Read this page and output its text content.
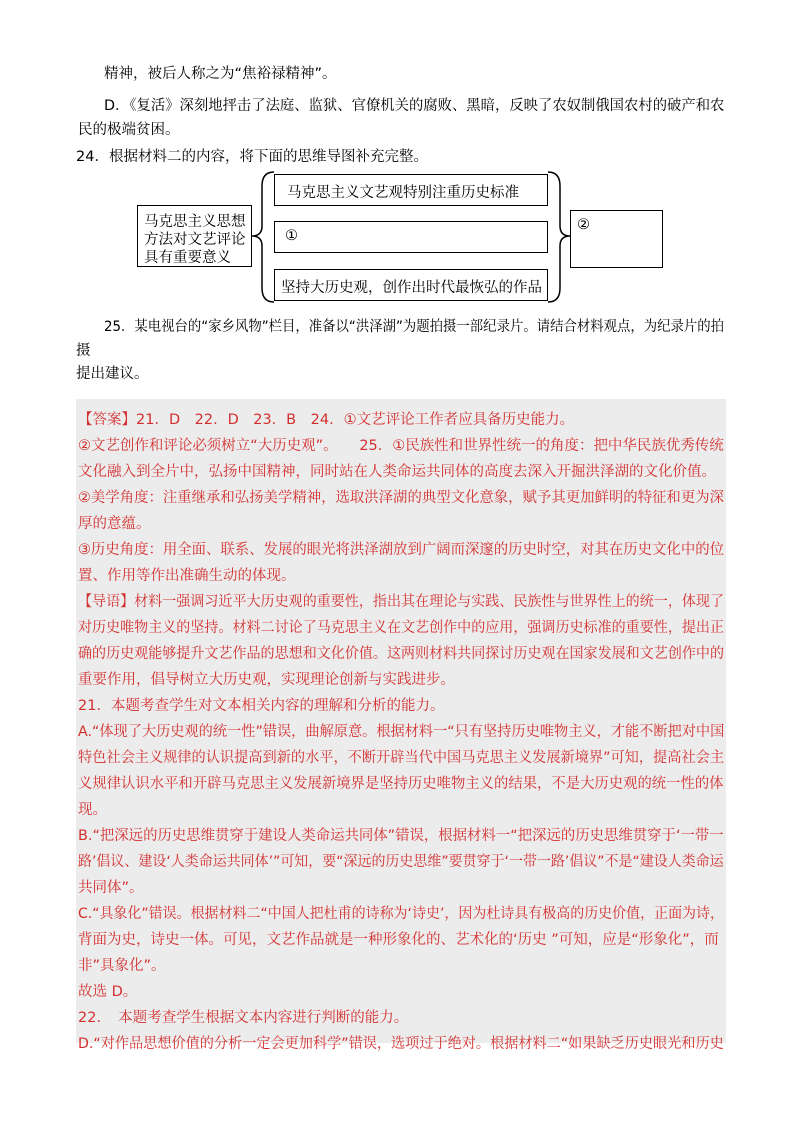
精神，被后人称之为“焦裕禄精神”。
D．《复活》深刻地抨击了法庭、监狱、官僚机关的腐败、黑暗，反映了农奴制俄国农村的破产和农
民的极端贫困。
24．根据材料二的内容，将下面的思维导图补充完整。
马克思主义思想
方法对文艺评论
具有重要意义
马克思主义文艺观特别注重历史标准
①
坚持大历史观，创作出时代最恢弘的作品
②
25．某电视台的“家乡风物”栏目，准备以“洪泽湖”为题拍摄一部纪录片。请结合材料观点，为纪录片的拍
摄
提出建议。
【答案】21．D　22．D　23．B　24．①文艺评论工作者应具备历史能力。
②文艺创作和评论必须树立“大历史观”。　　25．①民族性和世界性统一的角度：把中华民族优秀传统
文化融入到全片中，弘扬中国精神，同时站在人类命运共同体的高度去深入开掘洪泽湖的文化价值。
②美学角度：注重继承和弘扬美学精神，选取洪泽湖的典型文化意象，赋予其更加鲜明的特征和更为深
厚的意蕴。
③历史角度：用全面、联系、发展的眼光将洪泽湖放到广阔而深邃的历史时空，对其在历史文化中的位
置、作用等作出准确生动的体现。
【导语】材料一强调习近平大历史观的重要性，指出其在理论与实践、民族性与世界性上的统一，体现了
对历史唯物主义的坚持。材料二讨论了马克思主义在文艺创作中的应用，强调历史标准的重要性，提出正
确的历史观能够提升文艺作品的思想和文化价值。这两则材料共同探讨历史观在国家发展和文艺创作中的
重要作用，倡导树立大历史观，实现理论创新与实践进步。
21．本题考查学生对文本相关内容的理解和分析的能力。
A.“体现了大历史观的统一性”错误，曲解原意。根据材料一“只有坚持历史唯物主义，才能不断把对中国
特色社会主义规律的认识提高到新的水平，不断开辟当代中国马克思主义发展新境界”可知，提高社会主
义规律认识水平和开辟马克思主义发展新境界是坚持历史唯物主义的结果，不是大历史观的统一性的体
现。
B.“把深远的历史思维贯穿于建设人类命运共同体”错误，根据材料一“把深远的历史思维贯穿于‘一带一
路’倡议、建设‘人类命运共同体’”可知，要“深远的历史思维”要贯穿于‘一带一路’倡议”不是“建设人类命运
共同体”。
C.“具象化”错误。根据材料二“中国人把杜甫的诗称为‘诗史’，因为杜诗具有极高的历史价值，正面为诗，
背面为史，诗史一体。可见，文艺作品就是一种形象化的、艺术化的‘历史 ”可知，应是“形象化”，而
非”具象化”。
故选 D。
22．　本题考查学生根据文本内容进行判断的能力。
D.“对作品思想价值的分析一定会更加科学”错误，选项过于绝对。根据材料二“如果缺乏历史眼光和历史
